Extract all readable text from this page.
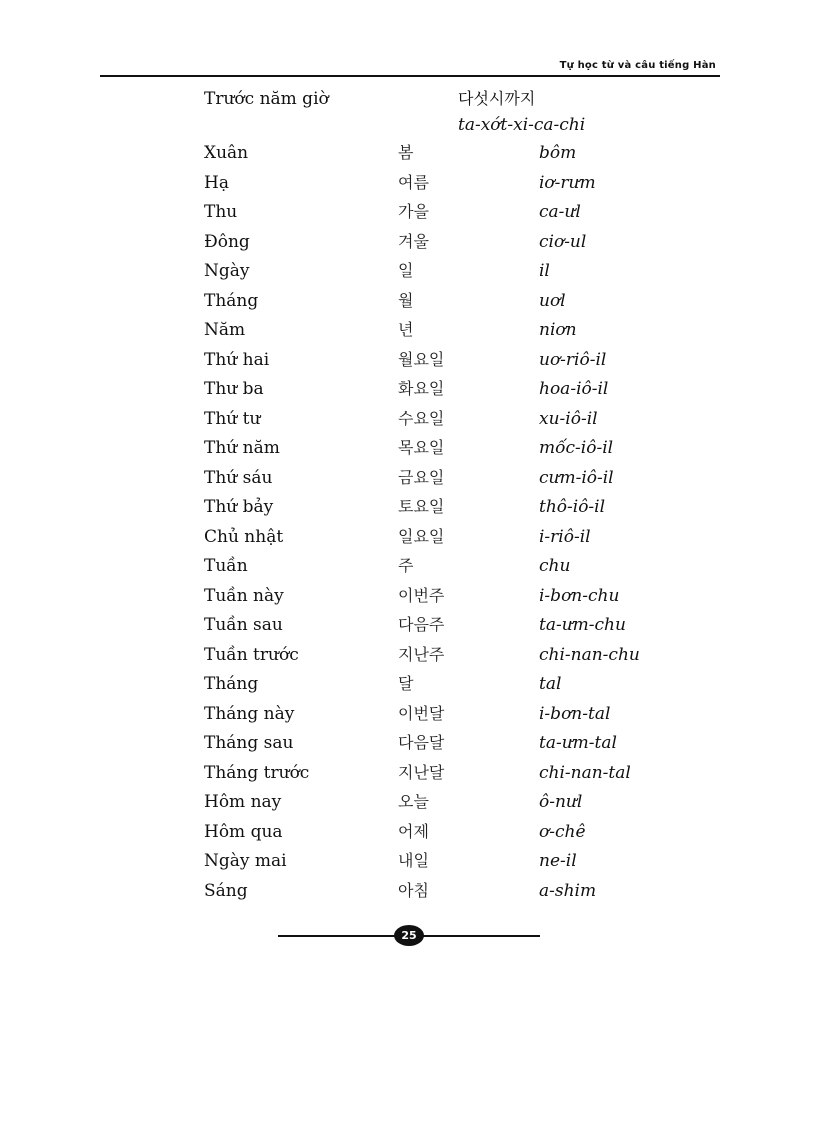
Tự học từ và câu tiếng Hàn
Trước năm giờ	다섯시까지
ta-xớt-xi-ca-chi
Xuân	봄	bôm
Hạ	여름	iơ-rưm
Thu	가을	ca-ưl
Đông	겨울	ciơ-ul
Ngày	일	il
Tháng	월	uơl
Năm	년	niơn
Thứ hai	월요일	uơ-riô-il
Thư ba	화요일	hoa-iô-il
Thứ tư	수요일	xu-iô-il
Thứ năm	목요일	mốc-iô-il
Thứ sáu	금요일	cưm-iô-il
Thứ bảy	토요일	thô-iô-il
Chủ nhật	일요일	i-riô-il
Tuần	주	chu
Tuần này	이번주	i-bơn-chu
Tuần sau	다음주	ta-ưm-chu
Tuần trước	지난주	chi-nan-chu
Tháng	달	tal
Tháng này	이번달	i-bơn-tal
Tháng sau	다음달	ta-ưm-tal
Tháng trước	지난달	chi-nan-tal
Hôm nay	오늘	ô-nưl
Hôm qua	어제	ơ-chê
Ngày mai	내일	ne-il
Sáng	아침	a-shim
25
